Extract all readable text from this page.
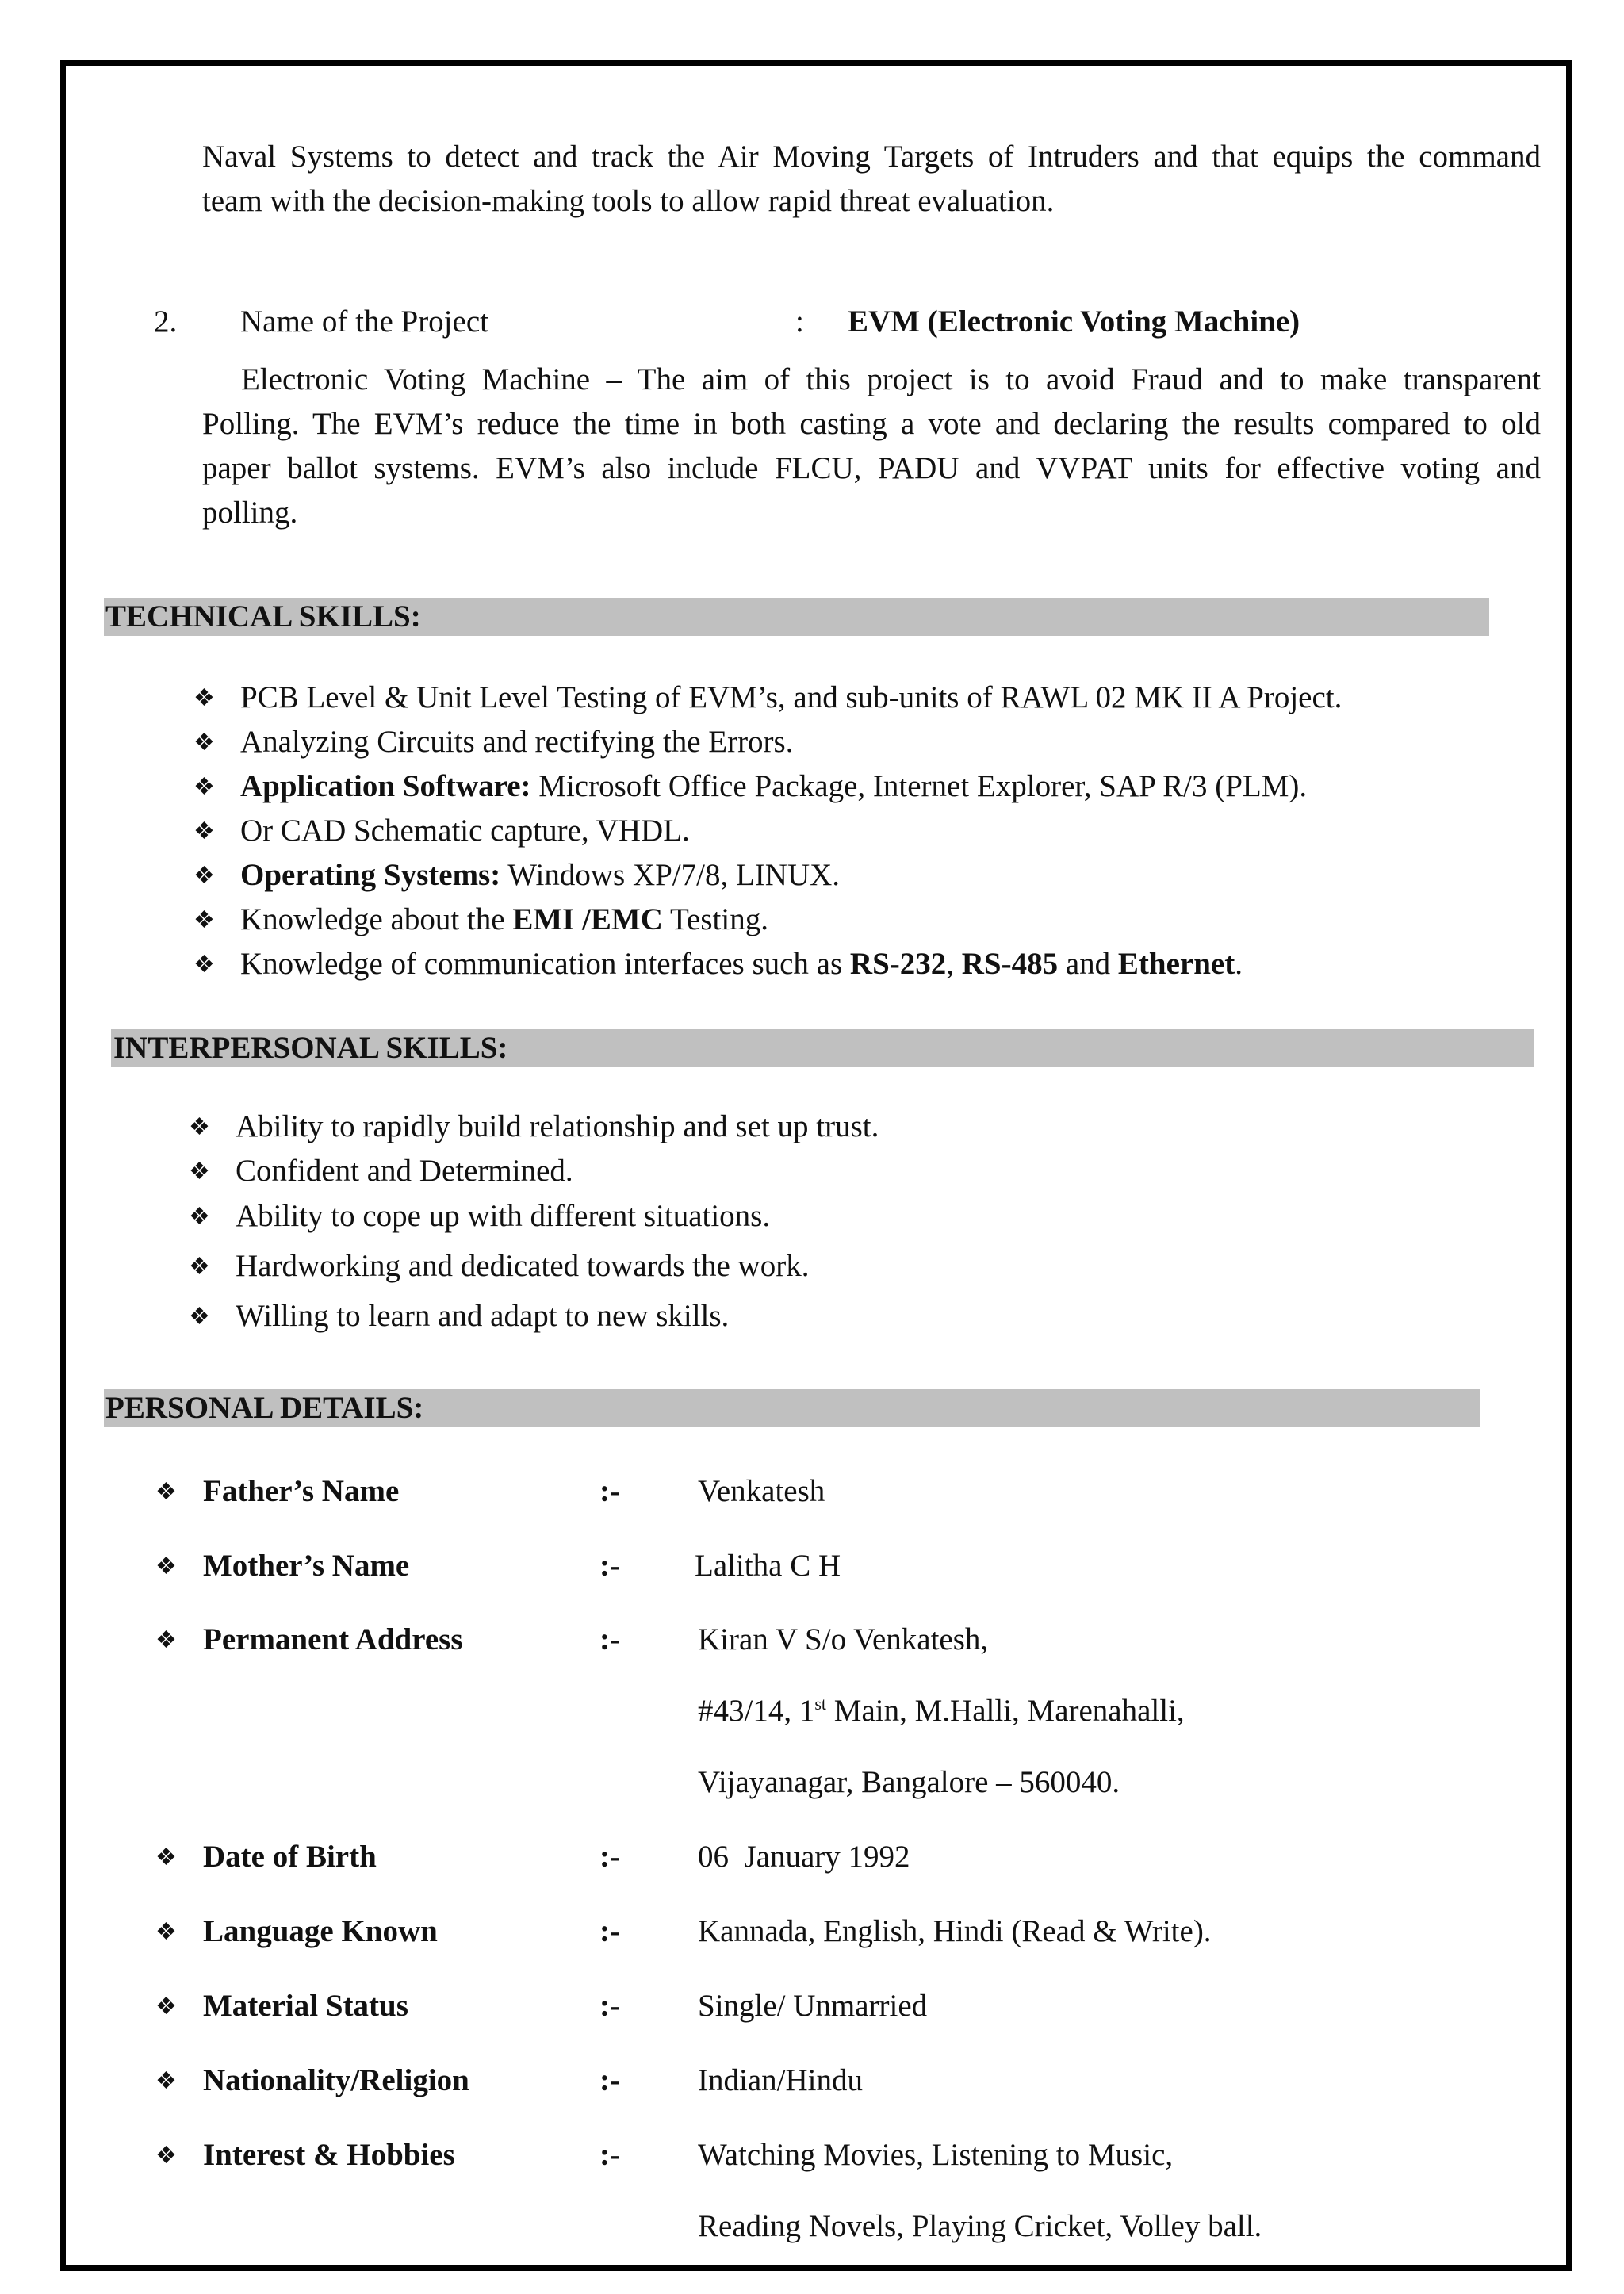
Naval Systems to detect and track the Air Moving Targets of Intruders and that equips the command
team with the decision-making tools to allow rapid threat evaluation.
2. Name of the Project	: EVM (Electronic Voting Machine)
Electronic Voting Machine – The aim of this project is to avoid Fraud and to make transparent
Polling. The EVM’s reduce the time in both casting a vote and declaring the results compared to old
paper ballot systems. EVM’s also include FLCU, PADU and VVPAT units for effective voting and
polling.
TECHNICAL SKILLS:
❖ PCB Level & Unit Level Testing of EVM’s, and sub-units of RAWL 02 MK II A Project.
❖ Analyzing Circuits and rectifying the Errors.
❖ Application Software: Microsoft Office Package, Internet Explorer, SAP R/3 (PLM).
❖ Or CAD Schematic capture, VHDL.
❖ Operating Systems: Windows XP/7/8, LINUX.
❖ Knowledge about the EMI /EMC Testing.
❖ Knowledge of communication interfaces such as RS-232, RS-485 and Ethernet.
INTERPERSONAL SKILLS:
❖ Ability to rapidly build relationship and set up trust.
❖ Confident and Determined.
❖ Ability to cope up with different situations.
❖ Hardworking and dedicated towards the work.
❖ Willing to learn and adapt to new skills.
PERSONAL DETAILS:
❖ Father’s Name	:-	Venkatesh
❖ Mother’s Name	:- Lalitha C H
❖ Permanent Address	:-	Kiran V S/o Venkatesh,
#43/14, 1st Main, M.Halli, Marenahalli,
Vijayanagar, Bangalore – 560040.
❖ Date of Birth	:-	06  January 1992
❖ Language Known	:-	Kannada, English, Hindi (Read & Write).
❖ Material Status	:-	Single/ Unmarried
❖ Nationality/Religion	:-	Indian/Hindu
❖ Interest & Hobbies	:-	Watching Movies, Listening to Music,
Reading Novels, Playing Cricket, Volley ball.
